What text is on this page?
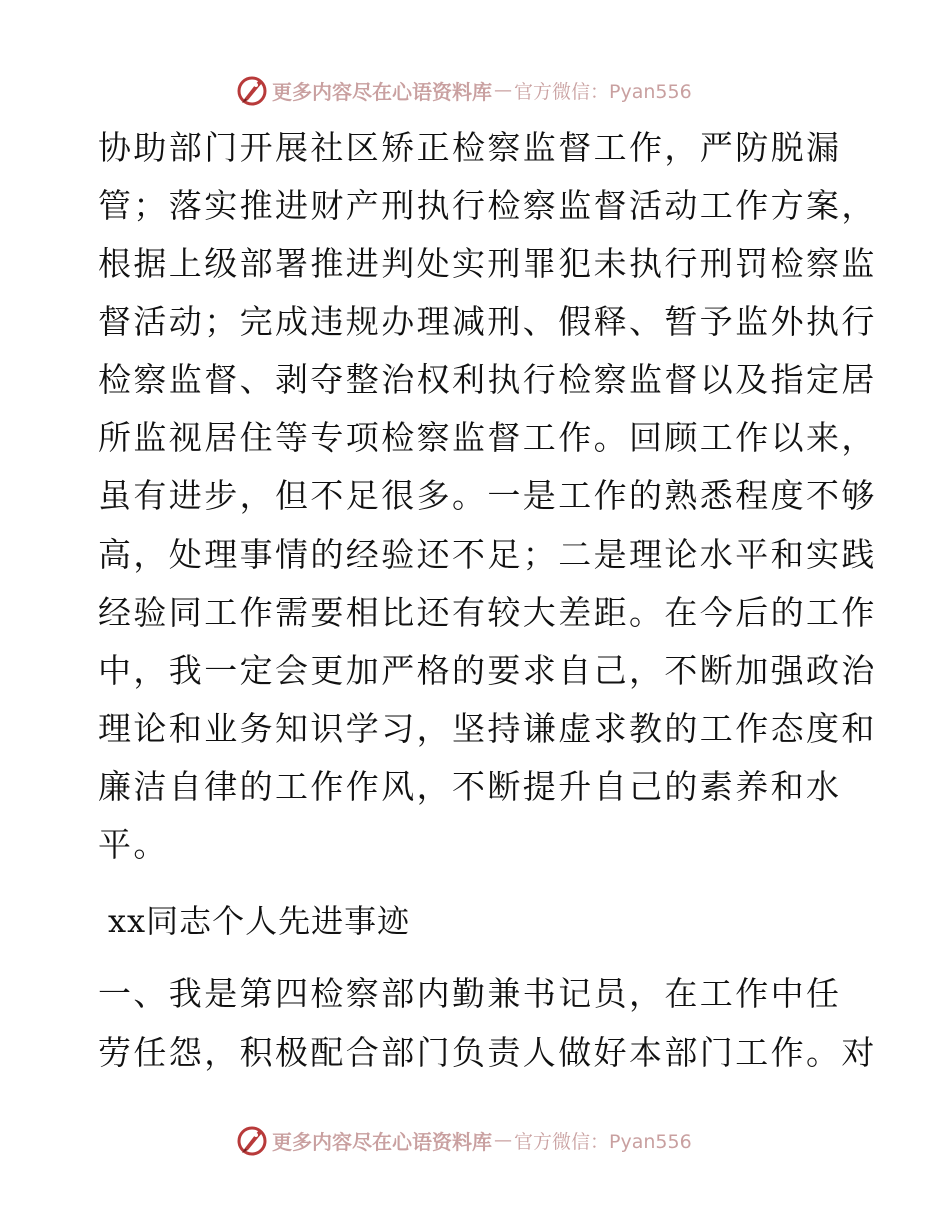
更多内容尽在心语资料库 — 官方微信：Pyan556
协助部门开展社区矫正检察监督工作，严防脱漏
管；落实推进财产刑执行检察监督活动工作方案，
根据上级部署推进判处实刑罪犯未执行刑罚检察监
督活动；完成违规办理减刑、假释、暂予监外执行
检察监督、剥夺整治权利执行检察监督以及指定居
所监视居住等专项检察监督工作。回顾工作以来，
虽有进步，但不足很多。一是工作的熟悉程度不够
高，处理事情的经验还不足；二是理论水平和实践
经验同工作需要相比还有较大差距。在今后的工作
中，我一定会更加严格的要求自己，不断加强政治
理论和业务知识学习，坚持谦虚求教的工作态度和
廉洁自律的工作作风，不断提升自己的素养和水
平。
xx同志个人先进事迹
一、我是第四检察部内勤兼书记员，在工作中任
劳任怨，积极配合部门负责人做好本部门工作。对
更多内容尽在心语资料库 — 官方微信：Pyan556
